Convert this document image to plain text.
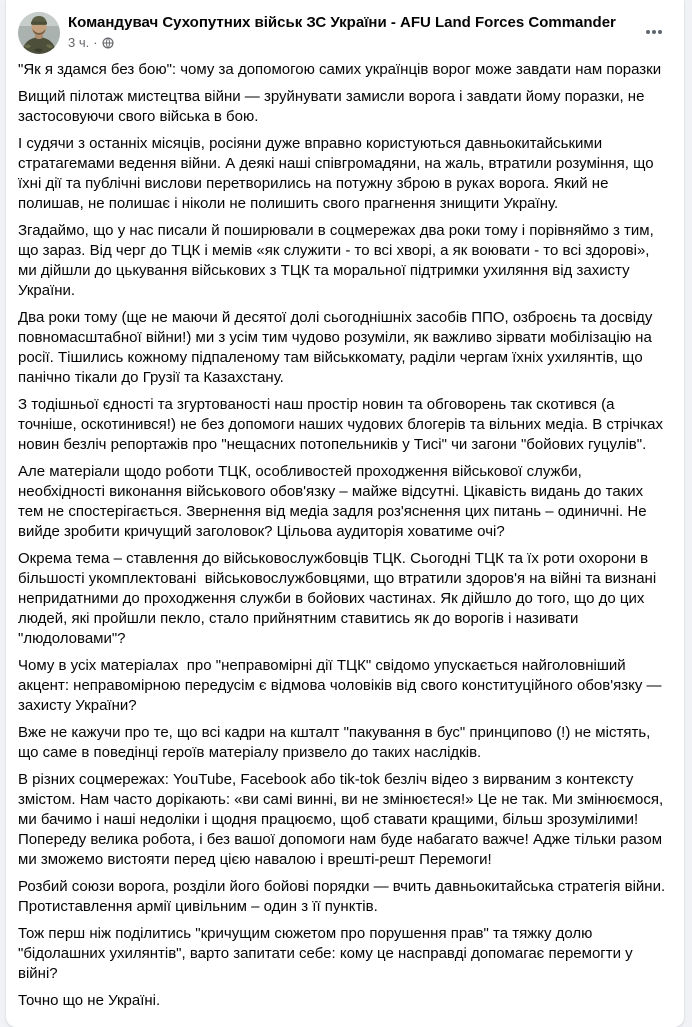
Командувач Сухопутних військ ЗС України - AFU Land Forces Commander
3 ч. ·

"Як я здамся без бою": чому за допомогою самих українців ворог може завдати нам поразки

Вищий пілотаж мистецтва війни — зруйнувати замисли ворога і завдати йому поразки, не застосовуючи свого війська в бою.

І судячи з останніх місяців, росіяни дуже вправно користуються давньокитайськими стратагемами ведення війни. А деякі наші співгромадяни, на жаль, втратили розуміння, що їхні дії та публічні вислови перетворились на потужну зброю в руках ворога. Який не полишав, не полишає і ніколи не полишить свого прагнення знищити Україну.

Згадаймо, що у нас писали й поширювали в соцмережах два роки тому і порівняймо з тим, що зараз. Від черг до ТЦК і мемів «як служити - то всі хворі, а як воювати - то всі здорові», ми дійшли до цькування військових з ТЦК та моральної підтримки ухиляння від захисту України.

Два роки тому (ще не маючи й десятої долі сьогоднішніх засобів ППО, озброєнь та досвіду повномасштабної війни!) ми з усім тим чудово розуміли, як важливо зірвати мобілізацію на росії. Тішились кожному підпаленому там військкомату, раділи чергам їхніх ухилянтів, що панічно тікали до Грузії та Казахстану.

З тодішньої єдності та згуртованості наш простір новин та обговорень так скотився (а точніше, оскотинився!) не без допомоги наших чудових блогерів та вільних медіа. В стрічках новин безліч репортажів про "нещасних потопельників у Тисі" чи загони "бойових гуцулів".

Але матеріали щодо роботи ТЦК, особливостей проходження військової служби, необхідності виконання військового обов'язку – майже відсутні. Цікавість видань до таких тем не спостерігається. Звернення від медіа задля роз'яснення цих питань – одиничні. Не вийде зробити кричущий заголовок? Цільова аудиторія ховатиме очі?

Окрема тема – ставлення до військовослужбовців ТЦК. Сьогодні ТЦК та їх роти охорони в більшості укомплектовані  військовослужбовцями, що втратили здоров'я на війні та визнані непридатними до проходження служби в бойових частинах. Як дійшло до того, що до цих людей, які пройшли пекло, стало прийнятним ставитись як до ворогів і називати "людоловами"?

Чому в усіх матеріалах  про "неправомірні дії ТЦК" свідомо упускається найголовніший акцент: неправомірною передусім є відмова чоловіків від свого конституційного обов'язку — захисту України?

Вже не кажучи про те, що всі кадри на кшталт "пакування в бус" принципово (!) не містять, що саме в поведінці героїв матеріалу призвело до таких наслідків.

В різних соцмережах: YouTube, Facebook або tik-tok безліч відео з вирваним з контексту змістом. Нам часто дорікають: «ви самі винні, ви не змінюєтеся!» Це не так. Ми змінюємося, ми бачимо і наші недоліки і щодня працюємо, щоб ставати кращими, більш зрозумілими! Попереду велика робота, і без вашої допомоги нам буде набагато важче! Адже тільки разом ми зможемо вистояти перед цією навалою і врешті-решт Перемоги!

Розбий союзи ворога, розділи його бойові порядки — вчить давньокитайська стратегія війни. Протиставлення армії цивільним – один з її пунктів.

Тож перш ніж поділитись "кричущим сюжетом про порушення прав" та тяжку долю "бідолашних ухилянтів", варто запитати себе: кому це насправді допомагає перемогти у війні?

Точно що не Україні.
